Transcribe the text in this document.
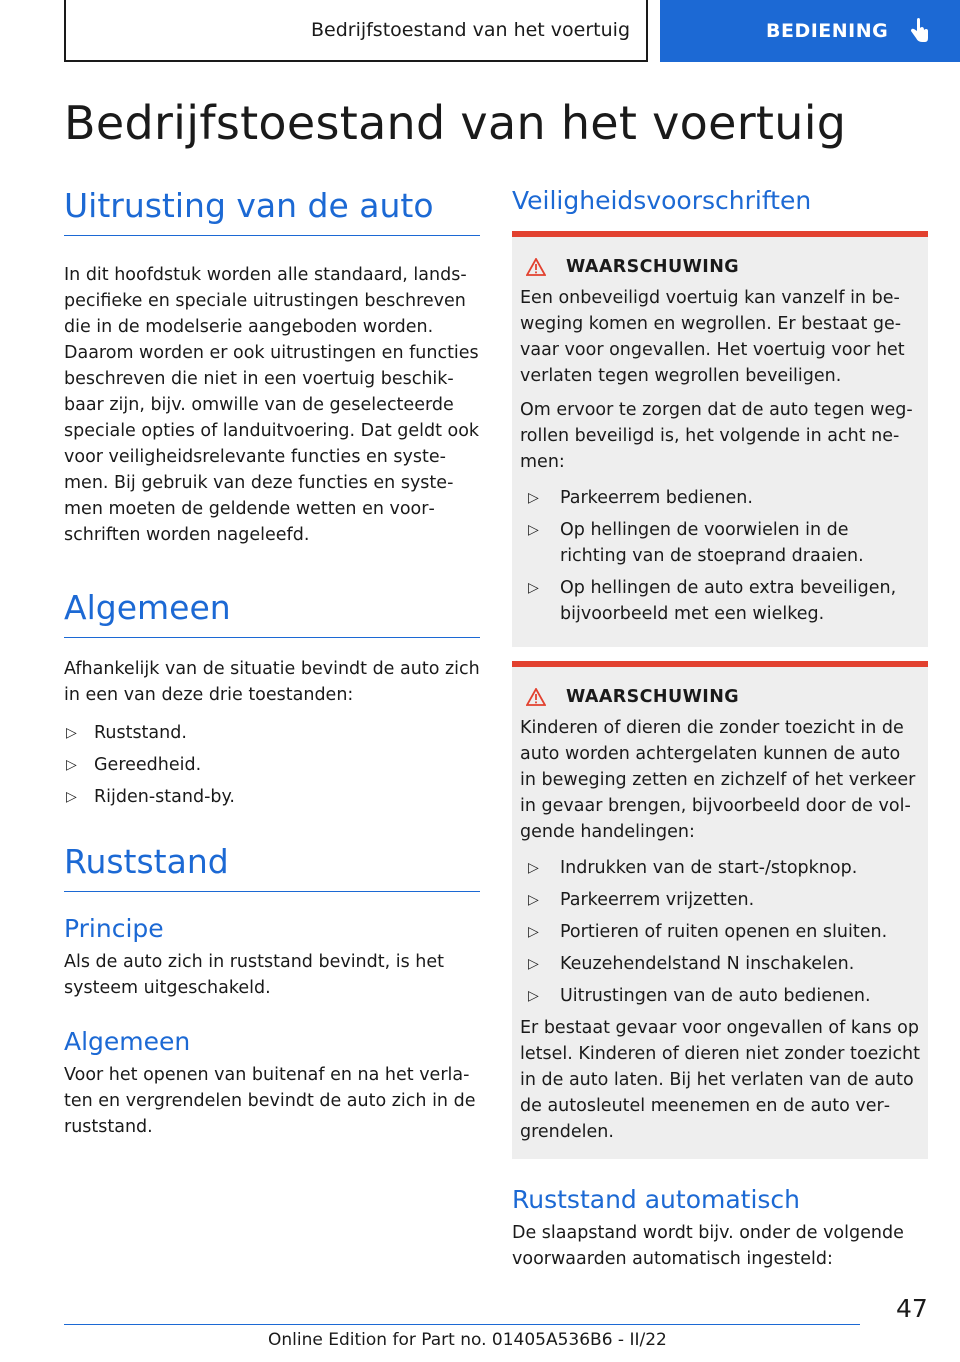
Bedrijfstoestand van het voertuig	BEDIENING
Bedrijfstoestand van het voertuig
Uitrusting van de auto

In dit hoofdstuk worden alle standaard, landspecifieke en speciale uitrustingen beschreven die in de modelserie aangeboden worden. Daarom worden er ook uitrustingen en functies beschreven die niet in een voertuig beschikbaar zijn, bijv. omwille van de geselecteerde speciale opties of landuitvoering. Dat geldt ook voor veiligheidsrelevante functies en systemen. Bij gebruik van deze functies en systemen moeten de geldende wetten en voorschriften worden nageleefd.

Algemeen

Afhankelijk van de situatie bevindt de auto zich in een van deze drie toestanden:

▷ Ruststand.
▷ Gereedheid.
▷ Rijden-stand-by.
Ruststand
Principe

Als de auto zich in ruststand bevindt, is het systeem uitgeschakeld.

Algemeen

Voor het openen van buitenaf en na het verlaten en vergrendelen bevindt de auto zich in de ruststand.

Veiligheidsvoorschriften
WAARSCHUWING

Een onbeveiligd voertuig kan vanzelf in beweging komen en wegrollen. Er bestaat gevaar voor ongevallen. Het voertuig voor het verlaten tegen wegrollen beveiligen.

Om ervoor te zorgen dat de auto tegen wegrollen beveiligd is, het volgende in acht nemen:

▷ Parkeerrem bedienen.
▷ Op hellingen de voorwielen in de richting van de stoeprand draaien.
▷ Op hellingen de auto extra beveiligen, bijvoorbeeld met een wielkeg.
WAARSCHUWING

Kinderen of dieren die zonder toezicht in de auto worden achtergelaten kunnen de auto in beweging zetten en zichzelf of het verkeer in gevaar brengen, bijvoorbeeld door de volgende handelingen:

▷ Indrukken van de start-/stopknop.
▷ Parkeerrem vrijzetten.
▷ Portieren of ruiten openen en sluiten.
▷ Keuzehendelstand N inschakelen.
▷ Uitrustingen van de auto bedienen.

Er bestaat gevaar voor ongevallen of kans op letsel. Kinderen of dieren niet zonder toezicht in de auto laten. Bij het verlaten van de auto de autosleutel meenemen en de auto vergrendelen.

Ruststand automatisch

De slaapstand wordt bijv. onder de volgende voorwaarden automatisch ingesteld:

47
Online Edition for Part no. 01405A536B6 - II/22
